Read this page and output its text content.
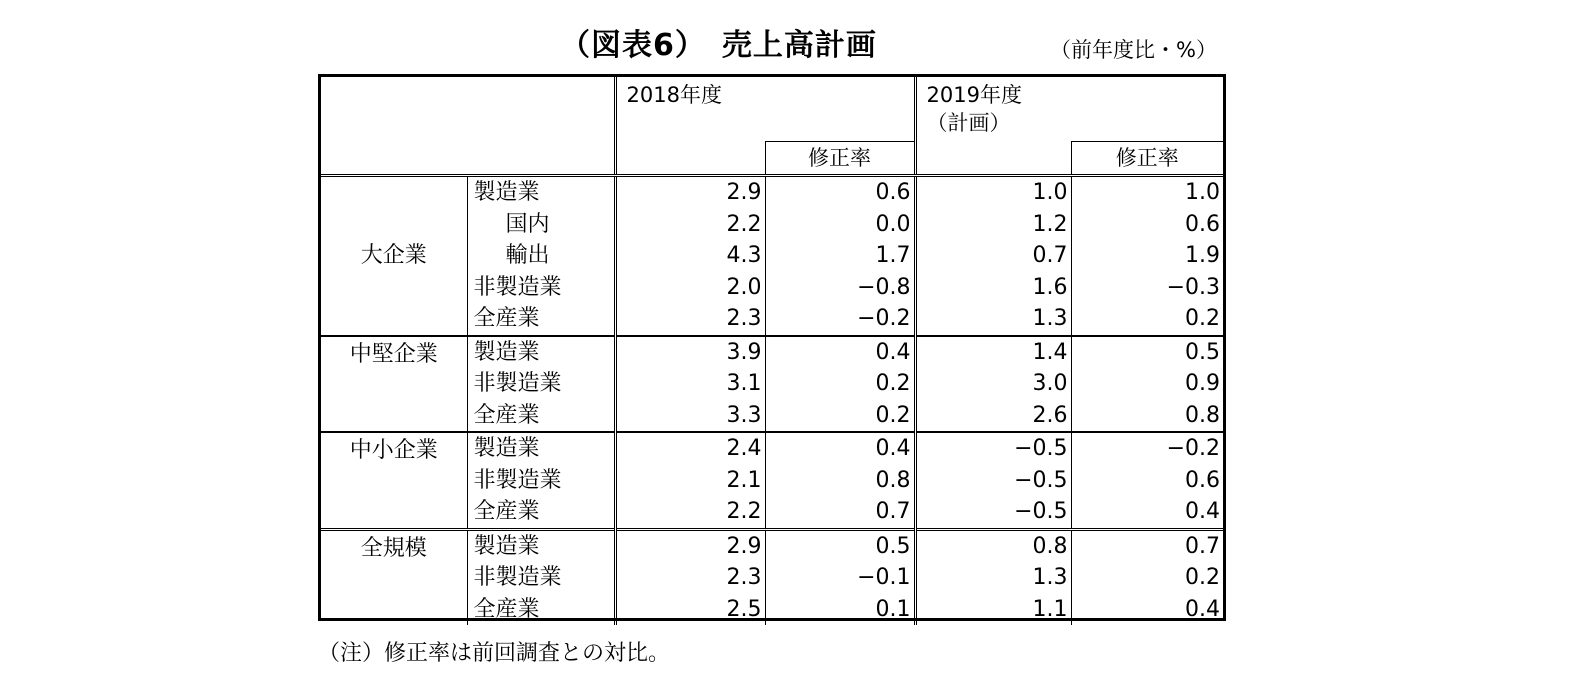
（図表6）　売上高計画	（前年度比・%）
		2018年度		2019年度
（計画）	
			修正率		修正率
大企業	製造業	2.9	0.6	1.0	1.0
	国内	2.2	0.0	1.2	0.6
	輸出	4.3	1.7	0.7	1.9
	非製造業	2.0	−0.8	1.6	−0.3
	全産業	2.3	−0.2	1.3	0.2
中堅企業	製造業	3.9	0.4	1.4	0.5
	非製造業	3.1	0.2	3.0	0.9
	全産業	3.3	0.2	2.6	0.8
中小企業	製造業	2.4	0.4	−0.5	−0.2
	非製造業	2.1	0.8	−0.5	0.6
	全産業	2.2	0.7	−0.5	0.4
全規模	製造業	2.9	0.5	0.8	0.7
	非製造業	2.3	−0.1	1.3	0.2
	全産業	2.5	0.1	1.1	0.4
（注）修正率は前回調査との対比。
